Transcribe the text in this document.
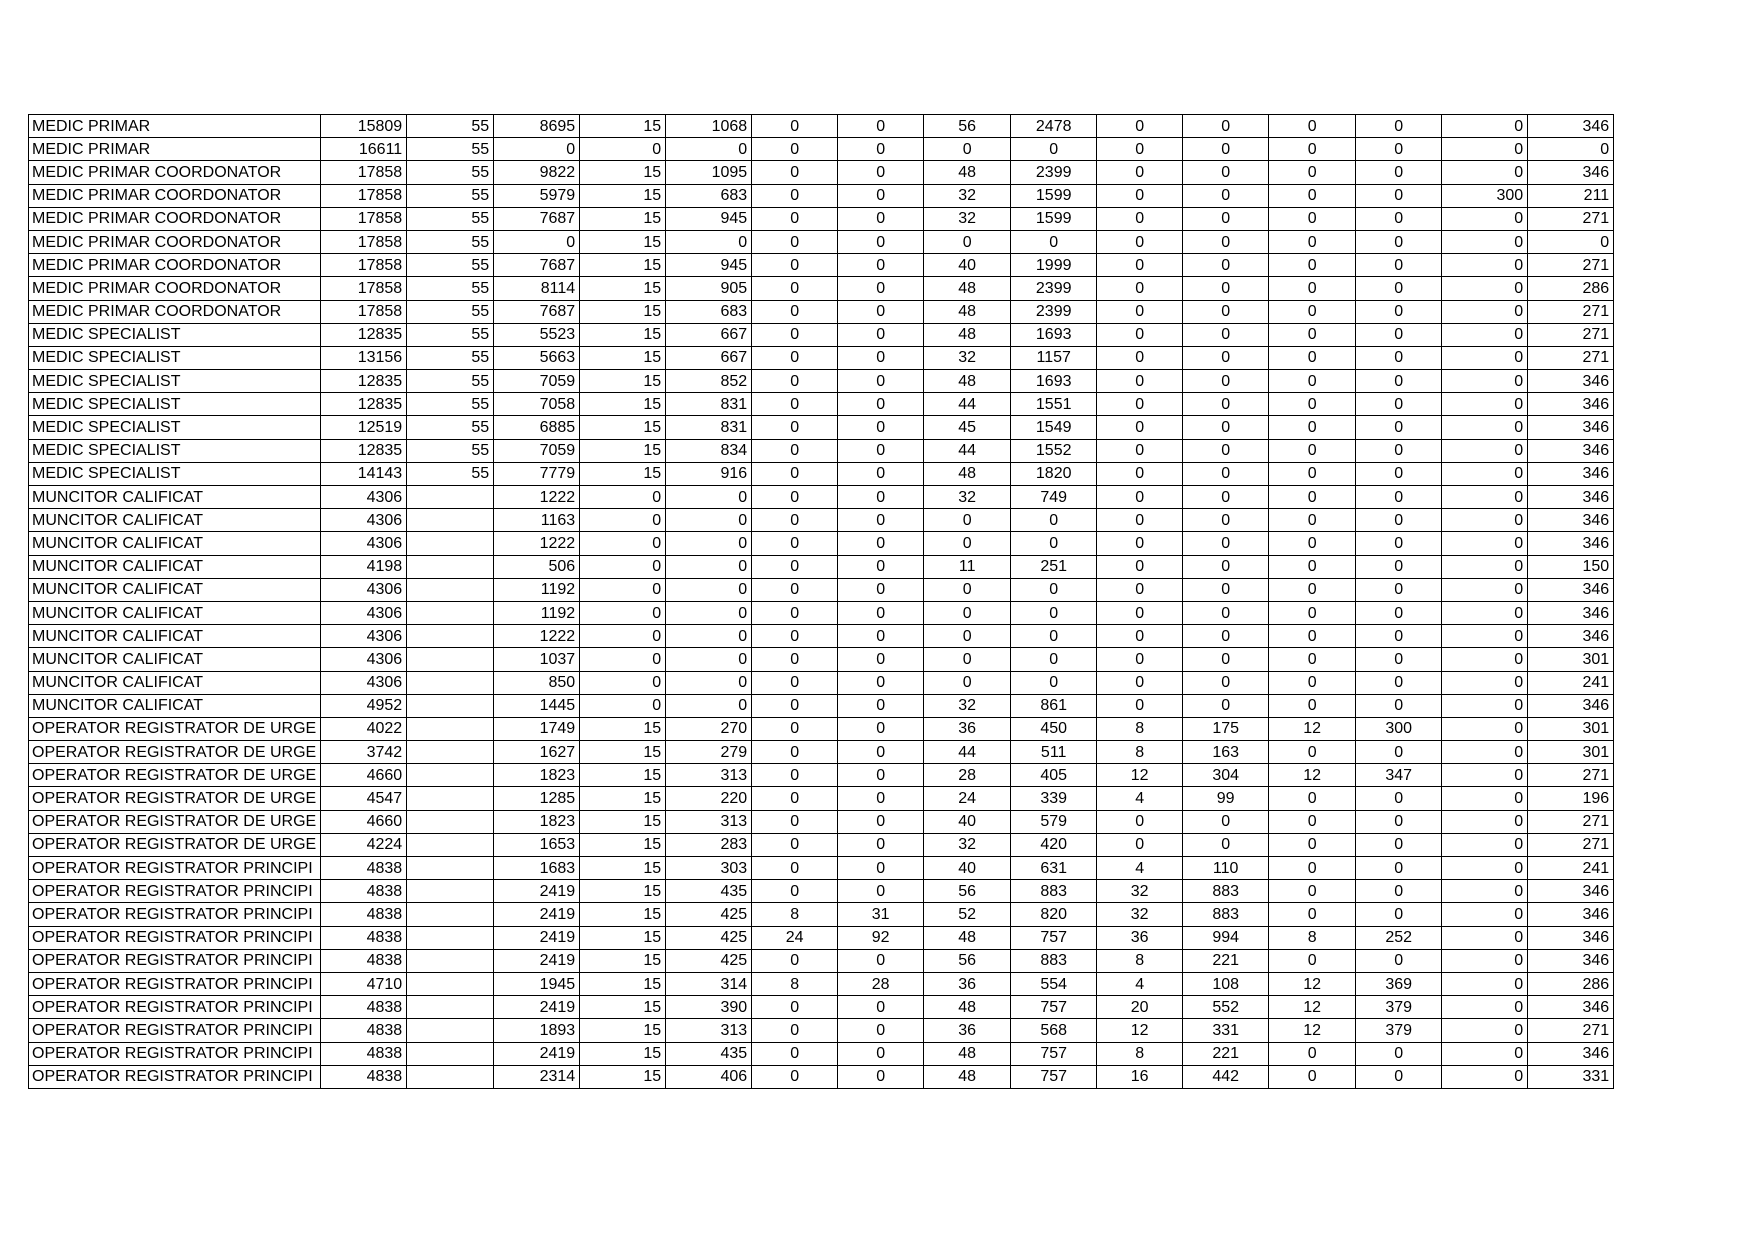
MEDIC PRIMAR	15809	55	8695	15	1068	0	0	56	2478	0	0	0	0	0	346
MEDIC PRIMAR	16611	55	0	0	0	0	0	0	0	0	0	0	0	0	0
MEDIC PRIMAR COORDONATOR	17858	55	9822	15	1095	0	0	48	2399	0	0	0	0	0	346
MEDIC PRIMAR COORDONATOR	17858	55	5979	15	683	0	0	32	1599	0	0	0	0	300	211
MEDIC PRIMAR COORDONATOR	17858	55	7687	15	945	0	0	32	1599	0	0	0	0	0	271
MEDIC PRIMAR COORDONATOR	17858	55	0	15	0	0	0	0	0	0	0	0	0	0	0
MEDIC PRIMAR COORDONATOR	17858	55	7687	15	945	0	0	40	1999	0	0	0	0	0	271
MEDIC PRIMAR COORDONATOR	17858	55	8114	15	905	0	0	48	2399	0	0	0	0	0	286
MEDIC PRIMAR COORDONATOR	17858	55	7687	15	683	0	0	48	2399	0	0	0	0	0	271
MEDIC SPECIALIST	12835	55	5523	15	667	0	0	48	1693	0	0	0	0	0	271
MEDIC SPECIALIST	13156	55	5663	15	667	0	0	32	1157	0	0	0	0	0	271
MEDIC SPECIALIST	12835	55	7059	15	852	0	0	48	1693	0	0	0	0	0	346
MEDIC SPECIALIST	12835	55	7058	15	831	0	0	44	1551	0	0	0	0	0	346
MEDIC SPECIALIST	12519	55	6885	15	831	0	0	45	1549	0	0	0	0	0	346
MEDIC SPECIALIST	12835	55	7059	15	834	0	0	44	1552	0	0	0	0	0	346
MEDIC SPECIALIST	14143	55	7779	15	916	0	0	48	1820	0	0	0	0	0	346
MUNCITOR CALIFICAT	4306		1222	0	0	0	0	32	749	0	0	0	0	0	346
MUNCITOR CALIFICAT	4306		1163	0	0	0	0	0	0	0	0	0	0	0	346
MUNCITOR CALIFICAT	4306		1222	0	0	0	0	0	0	0	0	0	0	0	346
MUNCITOR CALIFICAT	4198		506	0	0	0	0	11	251	0	0	0	0	0	150
MUNCITOR CALIFICAT	4306		1192	0	0	0	0	0	0	0	0	0	0	0	346
MUNCITOR CALIFICAT	4306		1192	0	0	0	0	0	0	0	0	0	0	0	346
MUNCITOR CALIFICAT	4306		1222	0	0	0	0	0	0	0	0	0	0	0	346
MUNCITOR CALIFICAT	4306		1037	0	0	0	0	0	0	0	0	0	0	0	301
MUNCITOR CALIFICAT	4306		850	0	0	0	0	0	0	0	0	0	0	0	241
MUNCITOR CALIFICAT	4952		1445	0	0	0	0	32	861	0	0	0	0	0	346
OPERATOR REGISTRATOR DE URGE	4022		1749	15	270	0	0	36	450	8	175	12	300	0	301
OPERATOR REGISTRATOR DE URGE	3742		1627	15	279	0	0	44	511	8	163	0	0	0	301
OPERATOR REGISTRATOR DE URGE	4660		1823	15	313	0	0	28	405	12	304	12	347	0	271
OPERATOR REGISTRATOR DE URGE	4547		1285	15	220	0	0	24	339	4	99	0	0	0	196
OPERATOR REGISTRATOR DE URGE	4660		1823	15	313	0	0	40	579	0	0	0	0	0	271
OPERATOR REGISTRATOR DE URGE	4224		1653	15	283	0	0	32	420	0	0	0	0	0	271
OPERATOR REGISTRATOR PRINCIPI	4838		1683	15	303	0	0	40	631	4	110	0	0	0	241
OPERATOR REGISTRATOR PRINCIPI	4838		2419	15	435	0	0	56	883	32	883	0	0	0	346
OPERATOR REGISTRATOR PRINCIPI	4838		2419	15	425	8	31	52	820	32	883	0	0	0	346
OPERATOR REGISTRATOR PRINCIPI	4838		2419	15	425	24	92	48	757	36	994	8	252	0	346
OPERATOR REGISTRATOR PRINCIPI	4838		2419	15	425	0	0	56	883	8	221	0	0	0	346
OPERATOR REGISTRATOR PRINCIPI	4710		1945	15	314	8	28	36	554	4	108	12	369	0	286
OPERATOR REGISTRATOR PRINCIPI	4838		2419	15	390	0	0	48	757	20	552	12	379	0	346
OPERATOR REGISTRATOR PRINCIPI	4838		1893	15	313	0	0	36	568	12	331	12	379	0	271
OPERATOR REGISTRATOR PRINCIPI	4838		2419	15	435	0	0	48	757	8	221	0	0	0	346
OPERATOR REGISTRATOR PRINCIPI	4838		2314	15	406	0	0	48	757	16	442	0	0	0	331
